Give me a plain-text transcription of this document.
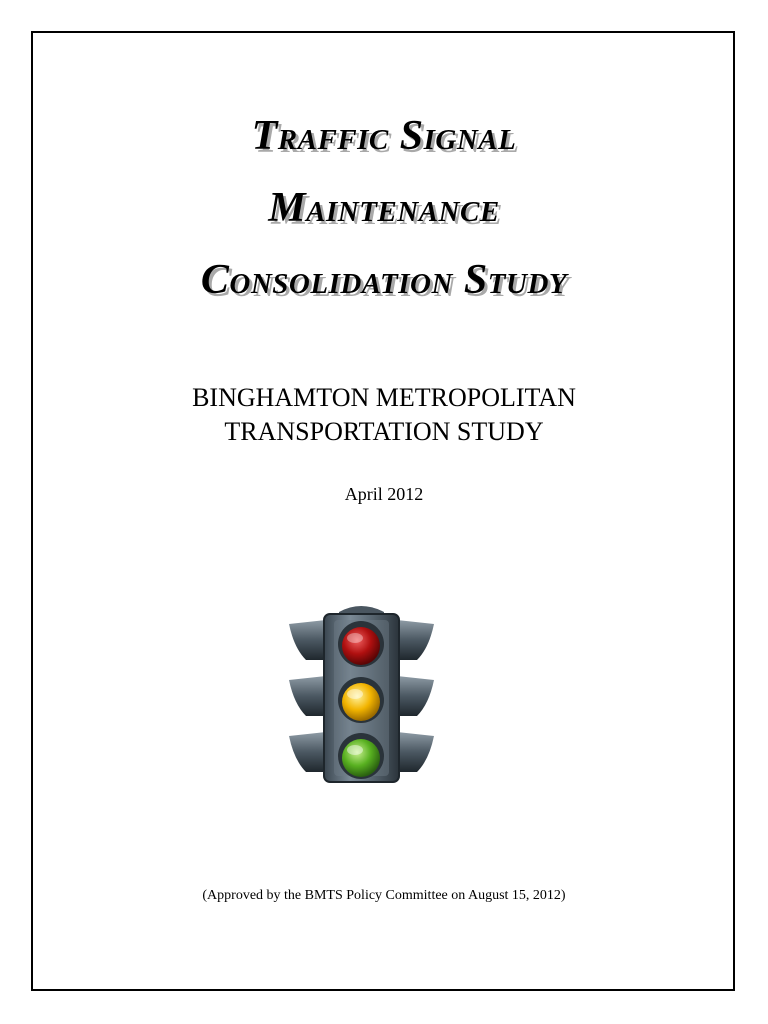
Traffic Signal
Maintenance
Consolidation Study
BINGHAMTON METROPOLITAN
TRANSPORTATION STUDY
April 2012
(Approved by the BMTS Policy Committee on August 15, 2012)
